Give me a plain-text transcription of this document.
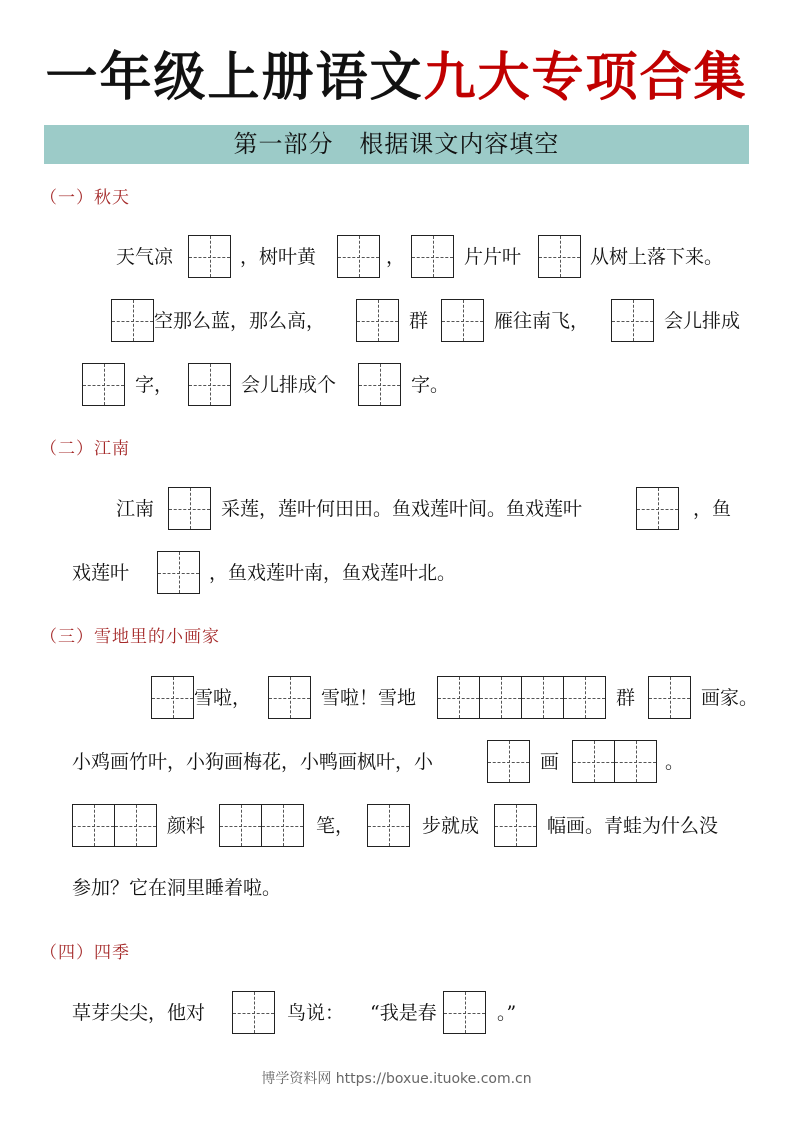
一年级上册语文九大专项合集
第一部分   根据课文内容填空
（一）秋天
天气凉	，树叶黄	，	片片叶	从树上落下来。
空那么蓝，那么高，	群	雁往南飞，	会儿排成
字，	会儿排成个	字。
（二）江南
江南	采莲，莲叶何田田。鱼戏莲叶间。鱼戏莲叶	，鱼
戏莲叶	，鱼戏莲叶南，鱼戏莲叶北。
（三）雪地里的小画家
雪啦，	雪啦！雪地	群	画家。
小鸡画竹叶，小狗画梅花，小鸭画枫叶，小	画	。
颜料	笔，	步就成	幅画。青蛙为什么没
参加？它在洞里睡着啦。
（四）四季
草芽尖尖，他对	鸟说： “我是春	。”
博学资料网 https://boxue.ituoke.com.cn
